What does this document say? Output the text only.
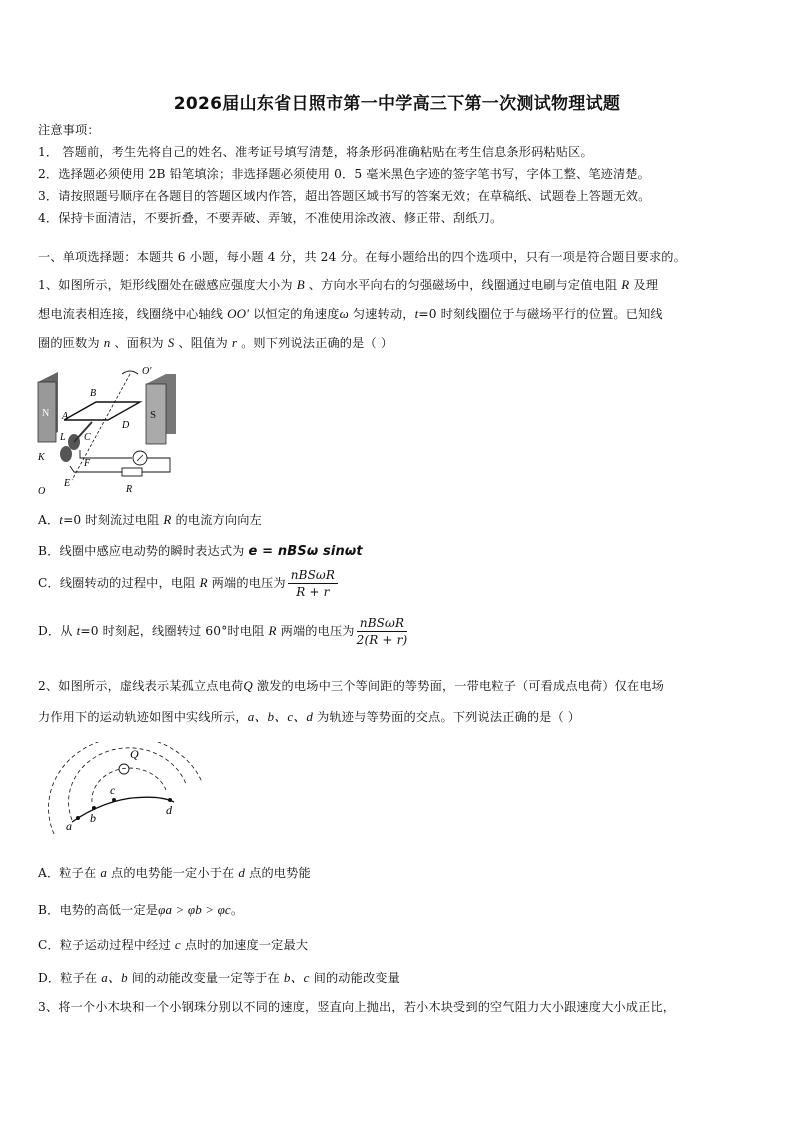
2026届山东省日照市第一中学高三下第一次测试物理试题
注意事项：
1． 答题前，考生先将自己的姓名、准考证号填写清楚，将条形码准确粘贴在考生信息条形码粘贴区。
2．选择题必须使用 2B 铅笔填涂；非选择题必须使用 0．5 毫米黑色字迹的签字笔书写，字体工整、笔迹清楚。
3．请按照题号顺序在各题目的答题区域内作答，超出答题区域书写的答案无效；在草稿纸、试题卷上答题无效。
4．保持卡面清洁，不要折叠，不要弄破、弄皱，不准使用涂改液、修正带、刮纸刀。
一、单项选择题：本题共 6 小题，每小题 4 分，共 24 分。在每小题给出的四个选项中，只有一项是符合题目要求的。
1、如图所示，矩形线圈处在磁感应强度大小为 B 、方向水平向右的匀强磁场中，线圈通过电刷与定值电阻 R 及理
想电流表相连接，线圈绕中心轴线 OO′ 以恒定的角速度ω 匀速转动，t=0 时刻线圈位于与磁场平行的位置。已知线
圈的匝数为 n 、面积为 S 、阻值为 r 。则下列说法正确的是（ ）
N	S
O′
B
A
D
L C
K
F
E
O	R
A．t=0 时刻流过电阻 R 的电流方向向左
B．线圈中感应电动势的瞬时表达式为 e = nBSω sinωt
C．线圈转动的过程中，电阻 R 两端的电压为 $\frac{\text{nBSωR}}{R + r}$
D．从 t=0 时刻起，线圈转过 60°时电阻 R 两端的电压为 $\frac{\text{nBSωR}}{2(R + r)}$
2、如图所示，虚线表示某孤立点电荷Q 激发的电场中三个等间距的等势面，一带电粒子（可看成点电荷）仅在电场
力作用下的运动轨迹如图中实线所示，a、b、c、d 为轨迹与等势面的交点。下列说法正确的是（ ）
Q
a
b
c
d
A．粒子在 a 点的电势能一定小于在 d 点的电势能
B．电势的高低一定是φa > φb > φc。
C．粒子运动过程中经过 c 点时的加速度一定最大
D．粒子在 a、b 间的动能改变量一定等于在 b、c 间的动能改变量
3、将一个小木块和一个小钢珠分别以不同的速度，竖直向上抛出，若小木块受到的空气阻力大小跟速度大小成正比，
